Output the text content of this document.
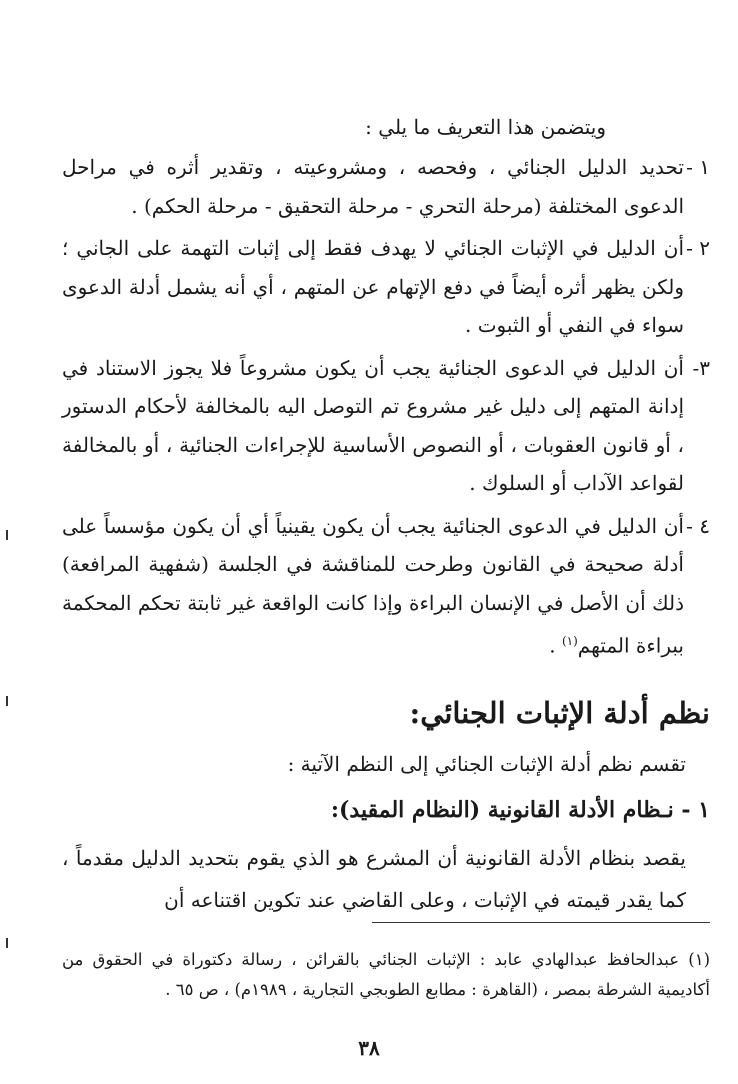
ويتضمن هذا التعريف ما يلي :

١ -
تحديد الدليل الجنائي ، وفحصه ، ومشروعيته ، وتقدير أثره في مراحل الدعوى المختلفة (مرحلة التحري - مرحلة التحقيق - مرحلة الحكم) .
٢ -
أن الدليل في الإثبات الجنائي لا يهدف فقط إلى إثبات التهمة على الجاني ؛ ولكن يظهر أثره أيضاً في دفع الإتهام عن المتهم ، أي أنه يشمل أدلة الدعوى سواء في النفي أو الثبوت .
٣-
أن الدليل في الدعوى الجنائية يجب أن يكون مشروعاً فلا يجوز الاستناد في إدانة المتهم إلى دليل غير مشروع تم التوصل اليه بالمخالفة لأحكام الدستور ، أو قانون العقوبات ، أو النصوص الأساسية للإجراءات الجنائية ، أو بالمخالفة لقواعد الآداب أو السلوك .
٤ -
أن الدليل في الدعوى الجنائية يجب أن يكون يقينياً أي أن يكون مؤسساً على أدلة صحيحة في القانون وطرحت للمناقشة في الجلسة (شفهية المرافعة) ذلك أن الأصل في الإنسان البراءة وإذا كانت الواقعة غير ثابتة تحكم المحكمة ببراءة المتهم$^{(١)}$ .
نظم أدلة الإثبات الجنائي:

تقسم نظم أدلة الإثبات الجنائي إلى النظم الآتية :

١ - نـظام الأدلة القانونية (النظام المقيد):

يقصد بنظام الأدلة القانونية أن المشرع هو الذي يقوم بتحديد الدليل مقدماً ، كما يقدر قيمته في الإثبات ، وعلى القاضي عند تكوين اقتناعه أن

(١) عبدالحافظ عبدالهادي عابد : الإثبات الجنائي بالقرائن ، رسالة دكتوراة في الحقوق من أكاديمية الشرطة بمصر ، (القاهرة : مطابع الطوبجي التجارية ، ١٩٨٩م) ، ص ٦٥ .

٣٨
